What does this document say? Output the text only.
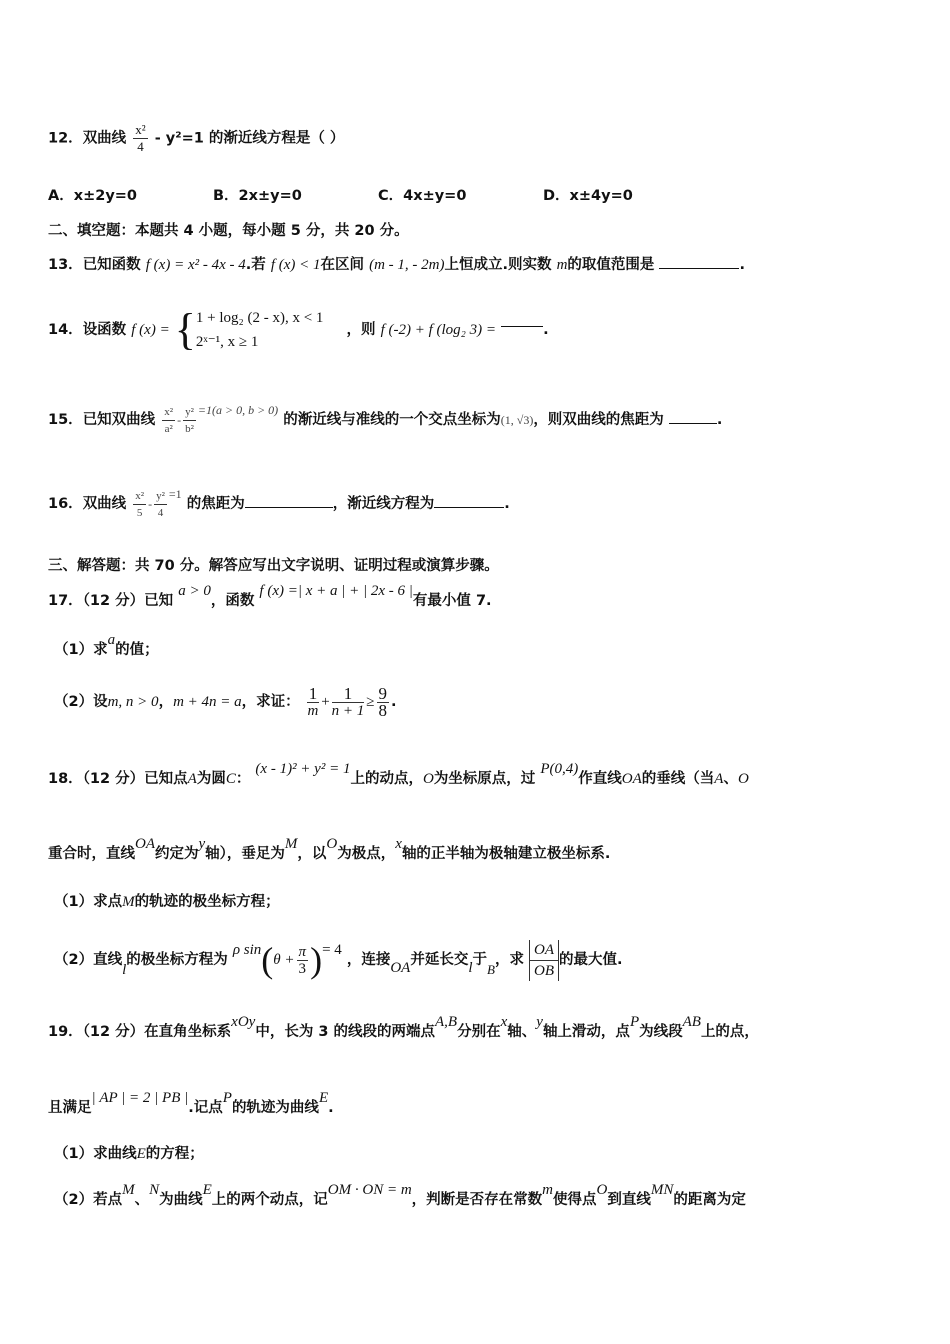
12．双曲线 $\frac{\text{x²}}{4} - y^2=1$ 的渐近线方程是（ ）
A．x±2y=0	B．2x±y=0	C．4x±y=0	D．x±4y=0
二、填空题：本题共 4 小题，每小题 5 分，共 20 分。
13．已知函数 f (x) = x² - 4x - 4.若 f (x) < 1在区间 (m - 1, - 2m)上恒成立.则实数 m的取值范围是	.
14．设函数 f (x) = { 1 + log₂ (2 - x), x < 1
2ˣ⁻¹, x ≥ 1
，则 f (-2) + f (log₂ 3) =	.
15．已知双曲线 $\frac{\text{x²}}{\text{a²}} - \frac{\text{y²}}{\text{b²}} ^{=1(a > 0, b > 0)}$ 的渐近线与准线的一个交点坐标为(1, √3)，则双曲线的焦距为	.
16．双曲线 $\frac{\text{x²}}{5} - \frac{\text{y²}}{4} ^{=1}$ 的焦距为	，渐近线方程为	.
三、解答题：共 70 分。解答应写出文字说明、证明过程或演算步骤。
17．（12 分）已知 a > 0，函数 f (x) =| x + a | + | 2x - 6 |有最小值 7.
（1）求a的值；
（2）设m, n > 0，m + 4n = a，求证： $\frac{1}{m} + \frac{1}{n + 1} \ge \frac{9}{8}$ .
18．（12 分）已知点A为圆C： (x - 1)² + y² = 1上的动点，O为坐标原点，过 P(0,4)作直线OA的垂线（当A、O
重合时，直线OA约定为y轴），垂足为M，以O为极点，x轴的正半轴为极轴建立极坐标系.
（1）求点M的轨迹的极坐标方程；
（2）直线l的极坐标方程为 ρ $\sin(\theta + \frac{\pi}{3}$ )= 4 ，连接OA并延长交l于B，求 $\frac{OA}{OB}$ 的最大值.
19．（12 分）在直角坐标系xOy中，长为 3 的线段的两端点A,B分别在x轴、y轴上滑动，点P为线段AB上的点，
且满足| AP | = 2 | PB |.记点P的轨迹为曲线E.
（1）求曲线E的方程；
（2）若点M、N为曲线E上的两个动点，记OM · ON = m，判断是否存在常数m使得点O到直线MN的距离为定
